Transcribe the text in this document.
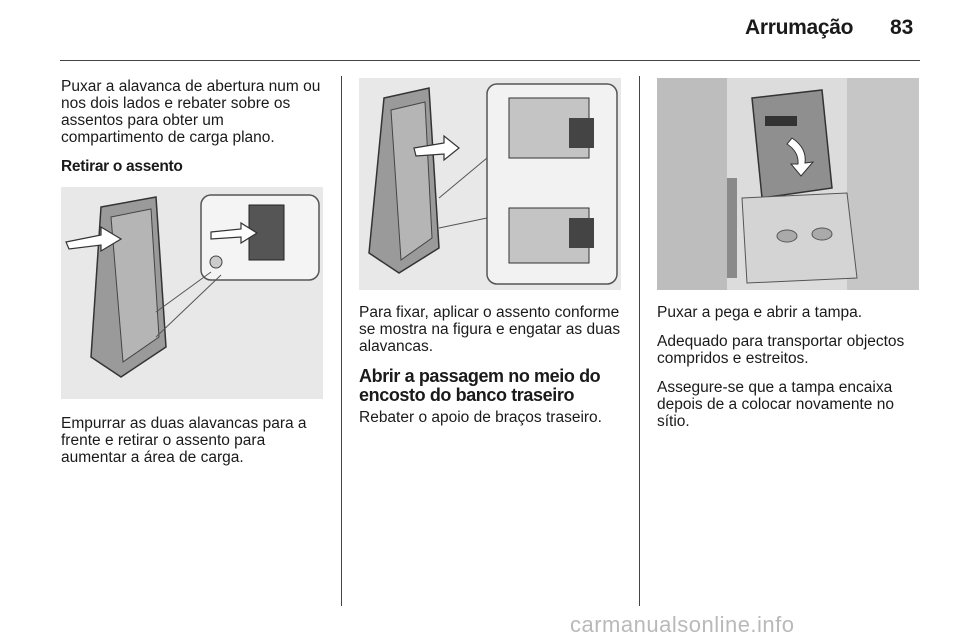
Arrumação 83

Puxar a alavanca de abertura num ou nos dois lados e rebater sobre os assentos para obter um compartimento de carga plano.

Retirar o assento

Empurrar as duas alavancas para a frente e retirar o assento para aumentar a área de carga.

Para fixar, aplicar o assento conforme se mostra na figura e engatar as duas alavancas.

Abrir a passagem no meio do encosto do banco traseiro

Rebater o apoio de braços traseiro.

Puxar a pega e abrir a tampa.

Adequado para transportar objectos compridos e estreitos.

Assegure-se que a tampa encaixa depois de a colocar novamente no sítio.

carmanualsonline.info
